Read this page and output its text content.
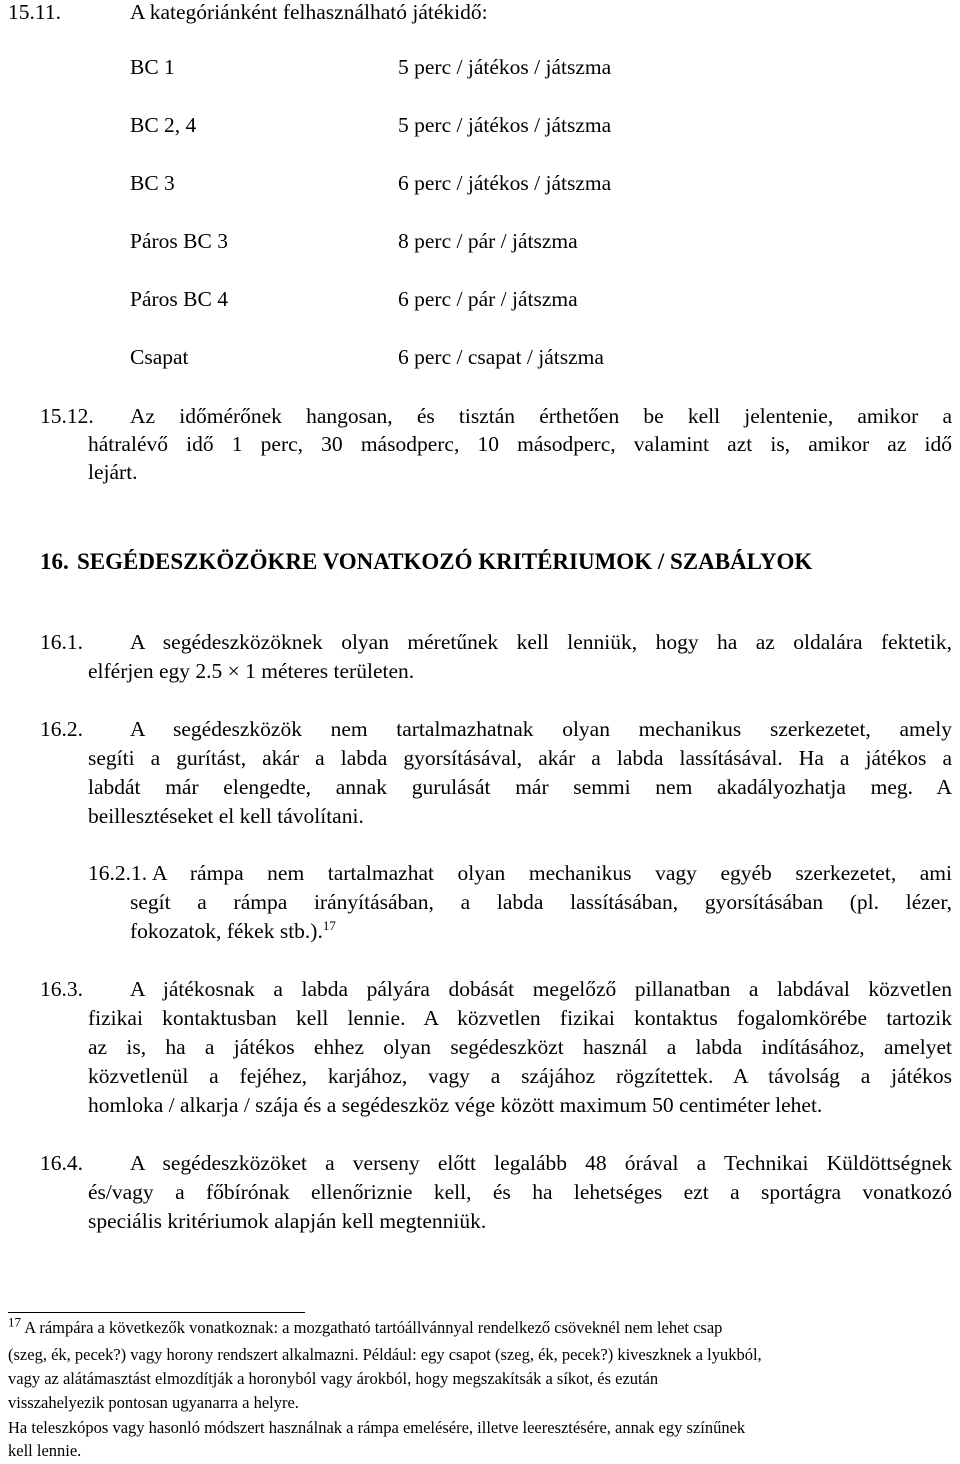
15.11.	A kategóriánként felhasználható játékidő:
BC 1	5 perc / játékos / játszma
BC 2, 4	5 perc / játékos / játszma
BC 3	6 perc / játékos / játszma
Páros BC 3	8 perc / pár / játszma
Páros BC 4	6 perc / pár / játszma
Csapat	6 perc / csapat / játszma
15.12. Az időmérőnek hangosan, és tisztán érthetően be kell jelentenie, amikor a
hátralévő idő 1 perc, 30 másodperc, 10 másodperc, valamint azt is, amikor az idő
lejárt.
16. SEGÉDESZKÖZÖKRE VONATKOZÓ KRITÉRIUMOK / SZABÁLYOK
16.1. A segédeszközöknek olyan méretűnek kell lenniük, hogy ha az oldalára fektetik,
elférjen egy 2.5 × 1 méteres területen.
16.2. A segédeszközök nem tartalmazhatnak olyan mechanikus szerkezetet, amely
segíti a gurítást, akár a labda gyorsításával, akár a labda lassításával. Ha a játékos a
labdát már elengedte, annak gurulását már semmi nem akadályozhatja meg. A
beillesztéseket el kell távolítani.
16.2.1. A rámpa nem tartalmazhat olyan mechanikus vagy egyéb szerkezetet, ami
segít a rámpa irányításában, a labda lassításában, gyorsításában (pl. lézer,
fokozatok, fékek stb.).$^{17}$
16.3. A játékosnak a labda pályára dobását megelőző pillanatban a labdával közvetlen
fizikai kontaktusban kell lennie. A közvetlen fizikai kontaktus fogalomkörébe tartozik
az is, ha a játékos ehhez olyan segédeszközt használ a labda indításához, amelyet
közvetlenül a fejéhez, karjához, vagy a szájához rögzítettek. A távolság a játékos
homloka / alkarja / szája és a segédeszköz vége között maximum 50 centiméter lehet.
16.4. A segédeszközöket a verseny előtt legalább 48 órával a Technikai Küldöttségnek
és/vagy a főbírónak ellenőriznie kell, és ha lehetséges ezt a sportágra vonatkozó
speciális kritériumok alapján kell megtenniük.
$^{17}$ A rámpára a következők vonatkoznak: a mozgatható tartóállvánnyal rendelkező csöveknél nem lehet csap
(szeg, ék, pecek?) vagy horony rendszert alkalmazni. Például: egy csapot (szeg, ék, pecek?) kiveszknek a lyukból,
vagy az alátámasztást elmozdítják a horonyból vagy árokból, hogy megszakítsák a síkot, és ezután
visszahelyezik pontosan ugyanarra a helyre.
Ha teleszkópos vagy hasonló módszert használnak a rámpa emelésére, illetve leeresztésére, annak egy színűnek
kell lennie.
